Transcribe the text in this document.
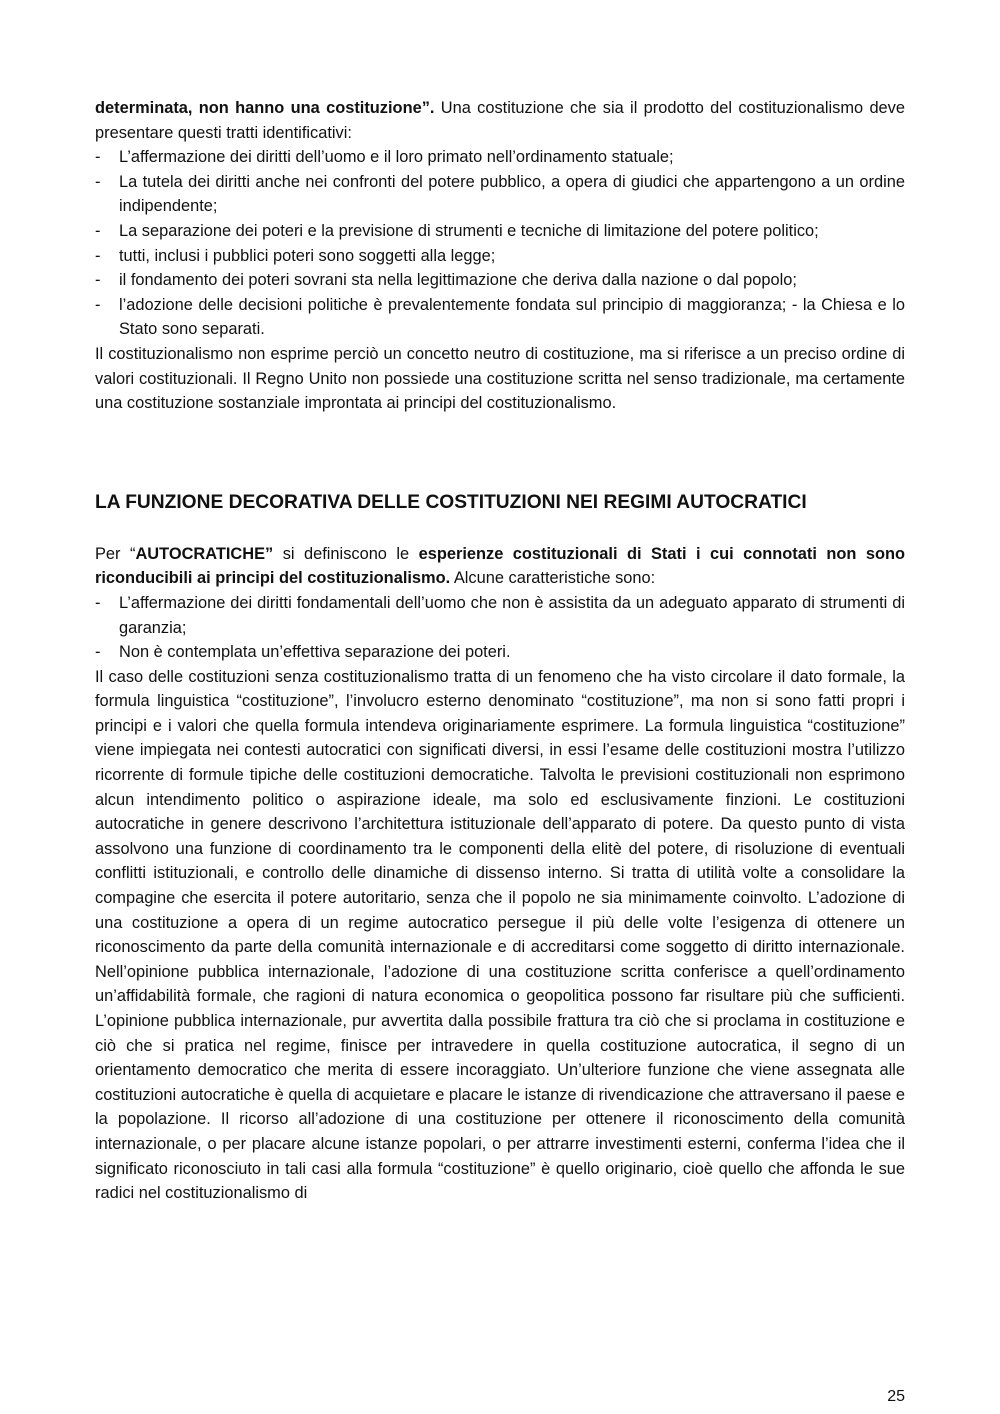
determinata, non hanno una costituzione”. Una costituzione che sia il prodotto del costituzionalismo deve presentare questi tratti identificativi:

- L’affermazione dei diritti dell’uomo e il loro primato nell’ordinamento statuale;
- La tutela dei diritti anche nei confronti del potere pubblico, a opera di giudici che appartengono a un ordine indipendente;
- La separazione dei poteri e la previsione di strumenti e tecniche di limitazione del potere politico;
- tutti, inclusi i pubblici poteri sono soggetti alla legge;
- il fondamento dei poteri sovrani sta nella legittimazione che deriva dalla nazione o dal popolo;
- l’adozione delle decisioni politiche è prevalentemente fondata sul principio di maggioranza; - la Chiesa e lo Stato sono separati.

Il costituzionalismo non esprime perciò un concetto neutro di costituzione, ma si riferisce a un preciso ordine di valori costituzionali. Il Regno Unito non possiede una costituzione scritta nel senso tradizionale, ma certamente una costituzione sostanziale improntata ai principi del costituzionalismo.

LA FUNZIONE DECORATIVA DELLE COSTITUZIONI NEI REGIMI AUTOCRATICI

Per “AUTOCRATICHE” si definiscono le esperienze costituzionali di Stati i cui connotati non sono riconducibili ai principi del costituzionalismo. Alcune caratteristiche sono:

- L’affermazione dei diritti fondamentali dell’uomo che non è assistita da un adeguato apparato di strumenti di garanzia;
- Non è contemplata un’effettiva separazione dei poteri.

Il caso delle costituzioni senza costituzionalismo tratta di un fenomeno che ha visto circolare il dato formale, la formula linguistica “costituzione”, l’involucro esterno denominato “costituzione”, ma non si sono fatti propri i principi e i valori che quella formula intendeva originariamente esprimere. La formula linguistica “costituzione” viene impiegata nei contesti autocratici con significati diversi, in essi l’esame delle costituzioni mostra l’utilizzo ricorrente di formule tipiche delle costituzioni democratiche. Talvolta le previsioni costituzionali non esprimono alcun intendimento politico o aspirazione ideale, ma solo ed esclusivamente finzioni. Le costituzioni autocratiche in genere descrivono l’architettura istituzionale dell’apparato di potere. Da questo punto di vista assolvono una funzione di coordinamento tra le componenti della elitè del potere, di risoluzione di eventuali conflitti istituzionali, e controllo delle dinamiche di dissenso interno. Si tratta di utilità volte a consolidare la compagine che esercita il potere autoritario, senza che il popolo ne sia minimamente coinvolto. L’adozione di una costituzione a opera di un regime autocratico persegue il più delle volte l’esigenza di ottenere un riconoscimento da parte della comunità internazionale e di accreditarsi come soggetto di diritto internazionale. Nell’opinione pubblica internazionale, l’adozione di una costituzione scritta conferisce a quell’ordinamento un’affidabilità formale, che ragioni di natura economica o geopolitica possono far risultare più che sufficienti. L’opinione pubblica internazionale, pur avvertita dalla possibile frattura tra ciò che si proclama in costituzione e ciò che si pratica nel regime, finisce per intravedere in quella costituzione autocratica, il segno di un orientamento democratico che merita di essere incoraggiato. Un’ulteriore funzione che viene assegnata alle costituzioni autocratiche è quella di acquietare e placare le istanze di rivendicazione che attraversano il paese e la popolazione. Il ricorso all’adozione di una costituzione per ottenere il riconoscimento della comunità internazionale, o per placare alcune istanze popolari, o per attrarre investimenti esterni, conferma l’idea che il significato riconosciuto in tali casi alla formula “costituzione” è quello originario, cioè quello che affonda le sue radici nel costituzionalismo di

25
